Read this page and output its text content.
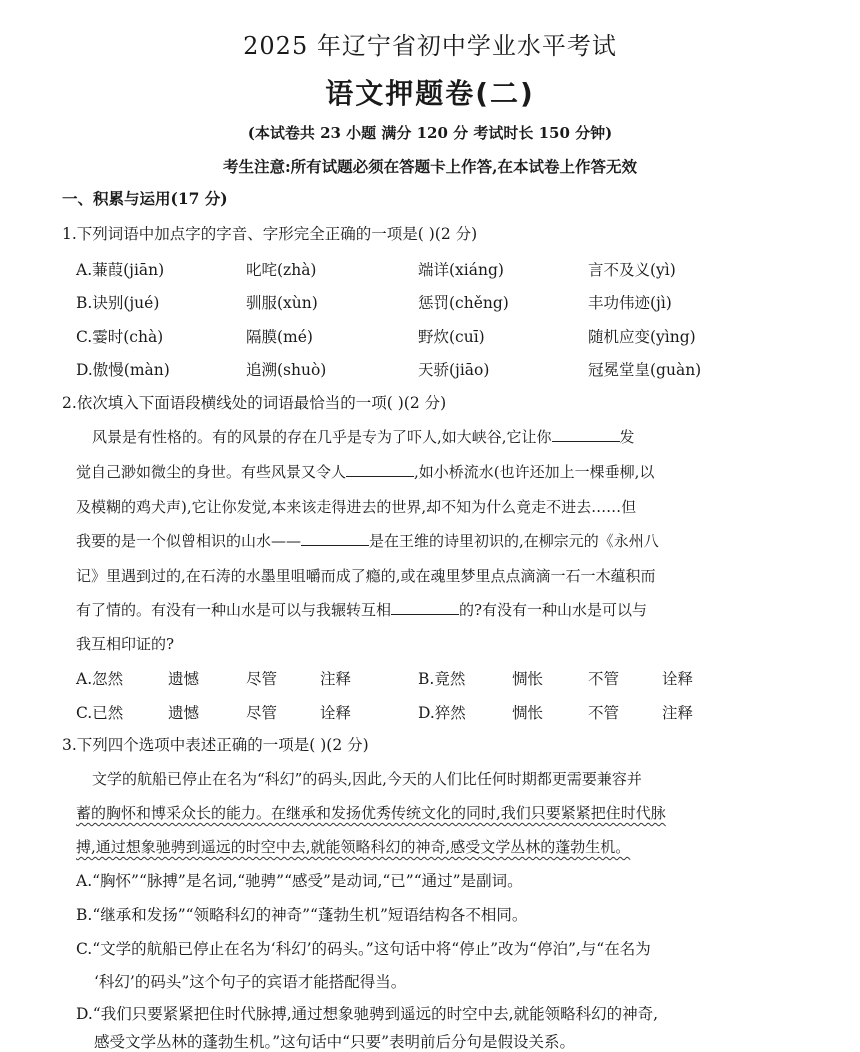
2025 年辽宁省初中学业水平考试
语文押题卷(二)
(本试卷共 23 小题 满分 120 分 考试时长 150 分钟)
考生注意:所有试题必须在答题卡上作答,在本试卷上作答无效
一、积累与运用(17 分)
1.下列词语中加点字的字音、字形完全正确的一项是( )(2 分)
A.蒹葭(jiān)	叱咤(zhà)	端详(xiáng)	言不及义(yì)
B.诀别(jué)	驯服(xùn)	惩罚(chěng)	丰功伟迹(jì)
C.霎时(chà)	隔膜(mé)	野炊(cuī)	随机应变(yìng)
D.傲慢(màn)	追溯(shuò)	天骄(jiāo)	冠冕堂皇(guàn)
2.依次填入下面语段横线处的词语最恰当的一项( )(2 分)
风景是有性格的。有的风景的存在几乎是专为了吓人,如大峡谷,它让你	发
觉自己渺如微尘的身世。有些风景又令人	,如小桥流水(也许还加上一棵垂柳,以
及模糊的鸡犬声),它让你发觉,本来该走得进去的世界,却不知为什么竟走不进去……但
我要的是一个似曾相识的山水——	是在王维的诗里初识的,在柳宗元的《永州八
记》里遇到过的,在石涛的水墨里咀嚼而成了瘾的,或在魂里梦里点点滴滴一石一木蕴积而
有了情的。有没有一种山水是可以与我辗转互相	的?有没有一种山水是可以与
我互相印证的?
A.忽然	遗憾	尽管	注释	B.竟然	惆怅	不管	诠释
C.已然	遗憾	尽管	诠释	D.猝然	惆怅	不管	注释
3.下列四个选项中表述正确的一项是( )(2 分)
文学的航船已停止在名为“科幻”的码头,因此,今天的人们比任何时期都更需要兼容并
蓄的胸怀和博采众长的能力。在继承和发扬优秀传统文化的同时,我们只要紧紧把住时代脉
搏,通过想象驰骋到遥远的时空中去,就能领略科幻的神奇,感受文学丛林的蓬勃生机。
A.“胸怀”“脉搏”是名词,“驰骋”“感受”是动词,“已”“通过”是副词。
B.“继承和发扬”“领略科幻的神奇”“蓬勃生机”短语结构各不相同。
C.“文学的航船已停止在名为‘科幻’的码头。”这句话中将“停止”改为“停泊”,与“在名为
‘科幻’的码头”这个句子的宾语才能搭配得当。
D.“我们只要紧紧把住时代脉搏,通过想象驰骋到遥远的时空中去,就能领略科幻的神奇,
感受文学丛林的蓬勃生机。”这句话中“只要”表明前后分句是假设关系。
